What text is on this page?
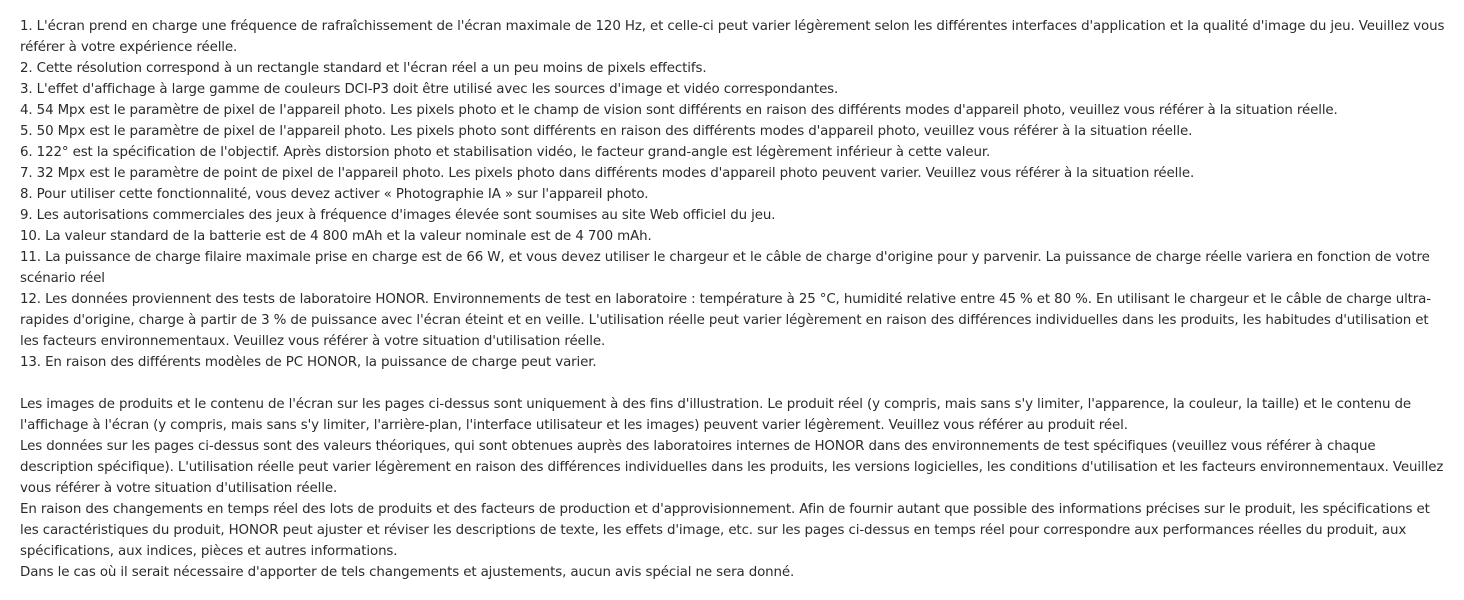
1. L'écran prend en charge une fréquence de rafraîchissement de l'écran maximale de 120 Hz, et celle-ci peut varier légèrement selon les différentes interfaces d'application et la qualité d'image du jeu. Veuillez vous référer à votre expérience réelle.

2. Cette résolution correspond à un rectangle standard et l'écran réel a un peu moins de pixels effectifs.

3. L'effet d'affichage à large gamme de couleurs DCI-P3 doit être utilisé avec les sources d'image et vidéo correspondantes.

4. 54 Mpx est le paramètre de pixel de l'appareil photo. Les pixels photo et le champ de vision sont différents en raison des différents modes d'appareil photo, veuillez vous référer à la situation réelle.

5. 50 Mpx est le paramètre de pixel de l'appareil photo. Les pixels photo sont différents en raison des différents modes d'appareil photo, veuillez vous référer à la situation réelle.

6. 122° est la spécification de l'objectif. Après distorsion photo et stabilisation vidéo, le facteur grand-angle est légèrement inférieur à cette valeur.

7. 32 Mpx est le paramètre de point de pixel de l'appareil photo. Les pixels photo dans différents modes d'appareil photo peuvent varier. Veuillez vous référer à la situation réelle.

8. Pour utiliser cette fonctionnalité, vous devez activer « Photographie IA » sur l'appareil photo.

9. Les autorisations commerciales des jeux à fréquence d'images élevée sont soumises au site Web officiel du jeu.

10. La valeur standard de la batterie est de 4 800 mAh et la valeur nominale est de 4 700 mAh.

11. La puissance de charge filaire maximale prise en charge est de 66 W, et vous devez utiliser le chargeur et le câble de charge d'origine pour y parvenir. La puissance de charge réelle variera en fonction de votre scénario réel

12. Les données proviennent des tests de laboratoire HONOR. Environnements de test en laboratoire : température à 25 °C, humidité relative entre 45 % et 80 %. En utilisant le chargeur et le câble de charge ultra-rapides d'origine, charge à partir de 3 % de puissance avec l'écran éteint et en veille. L'utilisation réelle peut varier légèrement en raison des différences individuelles dans les produits, les habitudes d'utilisation et les facteurs environnementaux. Veuillez vous référer à votre situation d'utilisation réelle.

13. En raison des différents modèles de PC HONOR, la puissance de charge peut varier.

Les images de produits et le contenu de l'écran sur les pages ci-dessus sont uniquement à des fins d'illustration. Le produit réel (y compris, mais sans s'y limiter, l'apparence, la couleur, la taille) et le contenu de l'affichage à l'écran (y compris, mais sans s'y limiter, l'arrière-plan, l'interface utilisateur et les images) peuvent varier légèrement. Veuillez vous référer au produit réel.

Les données sur les pages ci-dessus sont des valeurs théoriques, qui sont obtenues auprès des laboratoires internes de HONOR dans des environnements de test spécifiques (veuillez vous référer à chaque description spécifique). L'utilisation réelle peut varier légèrement en raison des différences individuelles dans les produits, les versions logicielles, les conditions d'utilisation et les facteurs environnementaux. Veuillez vous référer à votre situation d'utilisation réelle.

En raison des changements en temps réel des lots de produits et des facteurs de production et d'approvisionnement. Afin de fournir autant que possible des informations précises sur le produit, les spécifications et les caractéristiques du produit, HONOR peut ajuster et réviser les descriptions de texte, les effets d'image, etc. sur les pages ci-dessus en temps réel pour correspondre aux performances réelles du produit, aux spécifications, aux indices, pièces et autres informations.

Dans le cas où il serait nécessaire d'apporter de tels changements et ajustements, aucun avis spécial ne sera donné.
